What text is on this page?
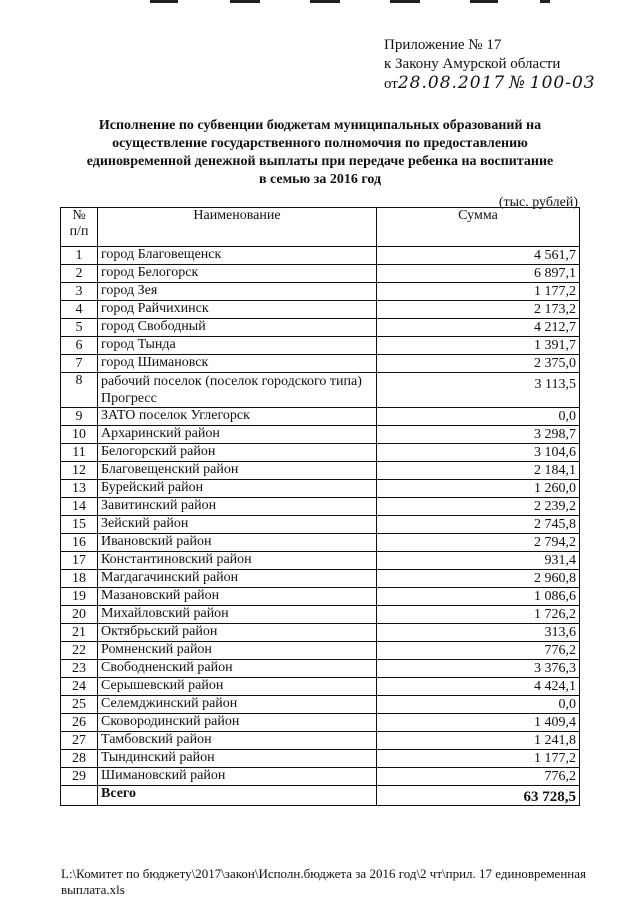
Приложение № 17
к Закону Амурской области
от28.08.2017 № 100-03
Исполнение по субвенции бюджетам муниципальных образований на
осуществление государственного полномочия по предоставлению
единовременной денежной выплаты при передаче ребенка на воспитание
в семью за 2016 год
(тыс. рублей)
№
п/п	Наименование	Сумма
1	город Благовещенск	4 561,7
2	город Белогорск	6 897,1
3	город Зея	1 177,2
4	город Райчихинск	2 173,2
5	город Свободный	4 212,7
6	город Тында	1 391,7
7	город Шимановск	2 375,0
8	рабочий поселок (поселок городского типа) Прогресс	3 113,5
9	ЗАТО поселок Углегорск	0,0
10	Архаринский район	3 298,7
11	Белогорский район	3 104,6
12	Благовещенский район	2 184,1
13	Бурейский район	1 260,0
14	Завитинский район	2 239,2
15	Зейский район	2 745,8
16	Ивановский район	2 794,2
17	Константиновский район	931,4
18	Магдагачинский район	2 960,8
19	Мазановский район	1 086,6
20	Михайловский район	1 726,2
21	Октябрьский район	313,6
22	Ромненский район	776,2
23	Свободненский район	3 376,3
24	Серышевский район	4 424,1
25	Селемджинский район	0,0
26	Сковородинский район	1 409,4
27	Тамбовский район	1 241,8
28	Тындинский район	1 177,2
29	Шимановский район	776,2
	Всего	63 728,5
L:\Комитет по бюджету\2017\закон\Исполн.бюджета за 2016 год\2 чт\прил. 17 единовременная выплата.xls
